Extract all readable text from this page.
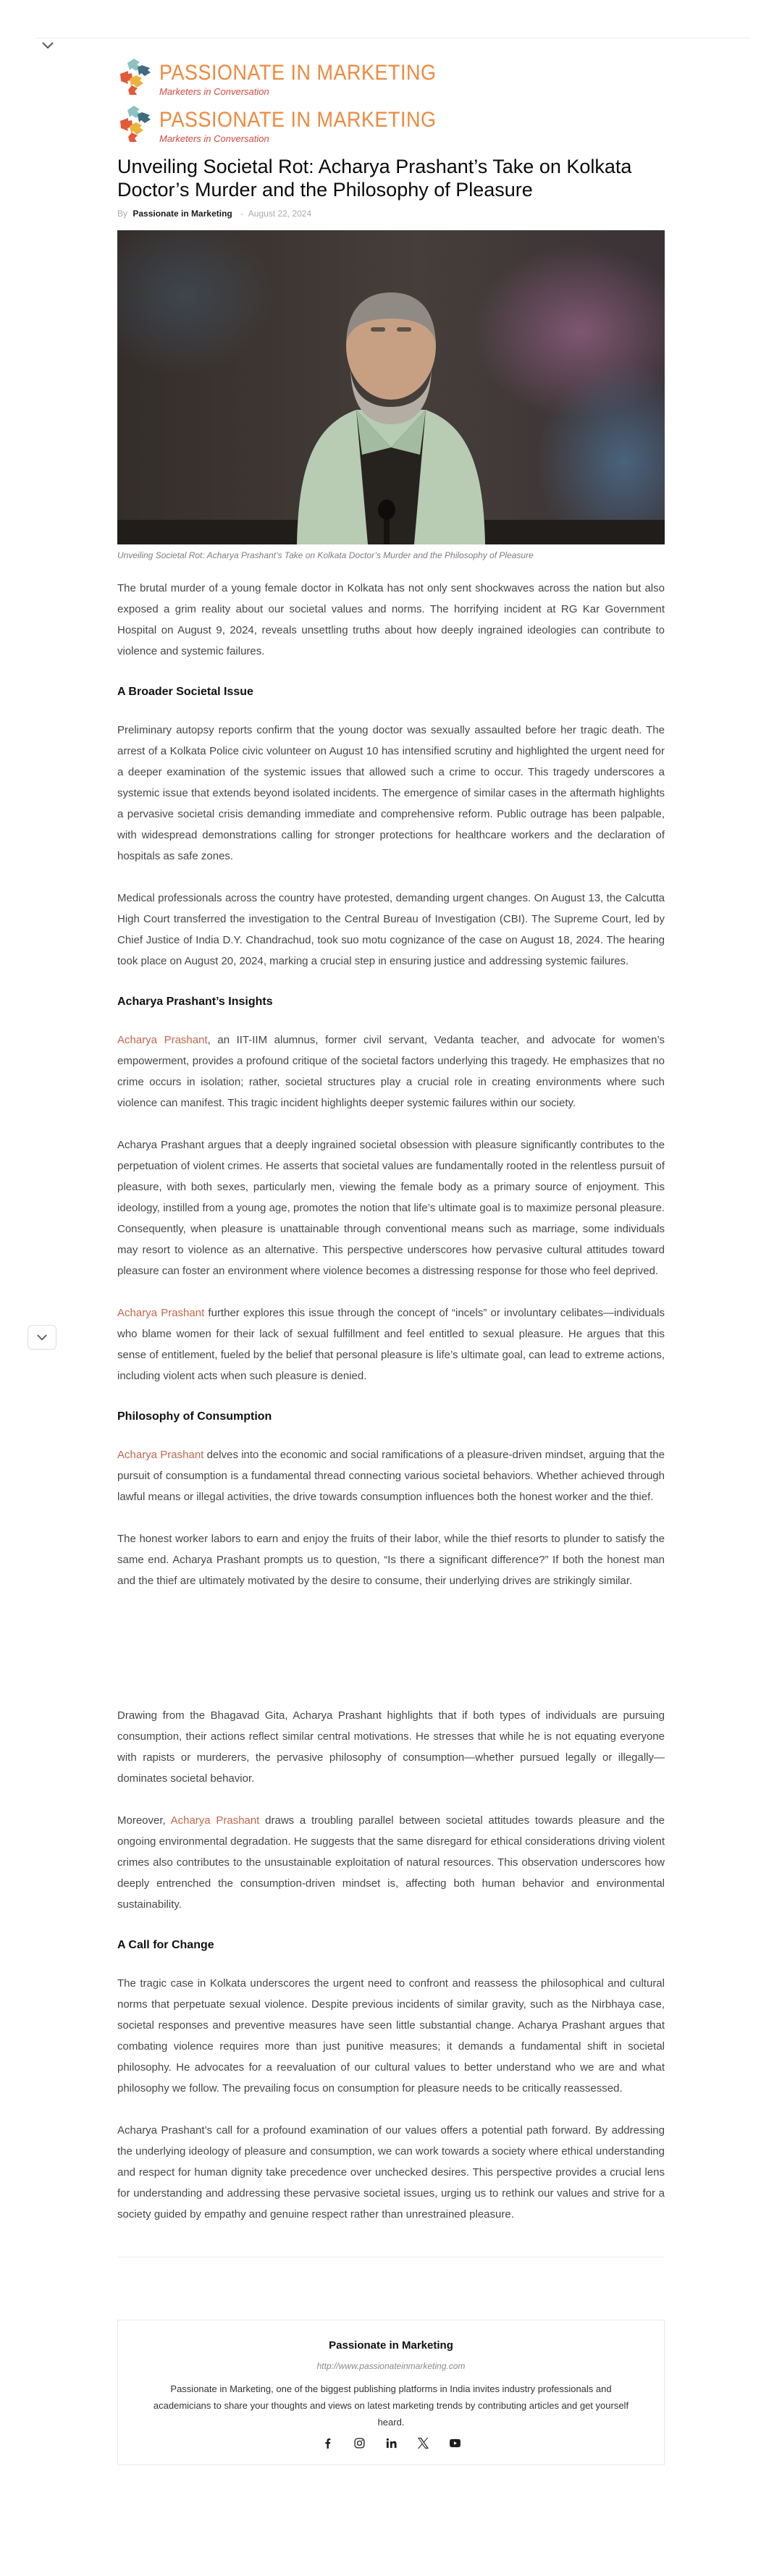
PASSIONATE IN MARKETING
Marketers in Conversation
PASSIONATE IN MARKETING
Marketers in Conversation
Unveiling Societal Rot: Acharya Prashant’s Take on Kolkata Doctor’s Murder and the Philosophy of Pleasure
By Passionate in Marketing - August 22, 2024
Unveiling Societal Rot: Acharya Prashant’s Take on Kolkata Doctor’s Murder and the Philosophy of Pleasure

The brutal murder of a young female doctor in Kolkata has not only sent shockwaves across the nation but also exposed a grim reality about our societal values and norms. The horrifying incident at RG Kar Government Hospital on August 9, 2024, reveals unsettling truths about how deeply ingrained ideologies can contribute to violence and systemic failures.

A Broader Societal Issue

Preliminary autopsy reports confirm that the young doctor was sexually assaulted before her tragic death. The arrest of a Kolkata Police civic volunteer on August 10 has intensified scrutiny and highlighted the urgent need for a deeper examination of the systemic issues that allowed such a crime to occur. This tragedy underscores a systemic issue that extends beyond isolated incidents. The emergence of similar cases in the aftermath highlights a pervasive societal crisis demanding immediate and comprehensive reform. Public outrage has been palpable, with widespread demonstrations calling for stronger protections for healthcare workers and the declaration of hospitals as safe zones.

Medical professionals across the country have protested, demanding urgent changes. On August 13, the Calcutta High Court transferred the investigation to the Central Bureau of Investigation (CBI). The Supreme Court, led by Chief Justice of India D.Y. Chandrachud, took suo motu cognizance of the case on August 18, 2024. The hearing took place on August 20, 2024, marking a crucial step in ensuring justice and addressing systemic failures.

Acharya Prashant’s Insights

Acharya Prashant, an IIT-IIM alumnus, former civil servant, Vedanta teacher, and advocate for women’s empowerment, provides a profound critique of the societal factors underlying this tragedy. He emphasizes that no crime occurs in isolation; rather, societal structures play a crucial role in creating environments where such violence can manifest. This tragic incident highlights deeper systemic failures within our society.

Acharya Prashant argues that a deeply ingrained societal obsession with pleasure significantly contributes to the perpetuation of violent crimes. He asserts that societal values are fundamentally rooted in the relentless pursuit of pleasure, with both sexes, particularly men, viewing the female body as a primary source of enjoyment. This ideology, instilled from a young age, promotes the notion that life’s ultimate goal is to maximize personal pleasure. Consequently, when pleasure is unattainable through conventional means such as marriage, some individuals may resort to violence as an alternative. This perspective underscores how pervasive cultural attitudes toward pleasure can foster an environment where violence becomes a distressing response for those who feel deprived.

Acharya Prashant further explores this issue through the concept of “incels” or involuntary celibates—individuals who blame women for their lack of sexual fulfillment and feel entitled to sexual pleasure. He argues that this sense of entitlement, fueled by the belief that personal pleasure is life’s ultimate goal, can lead to extreme actions, including violent acts when such pleasure is denied.

Philosophy of Consumption

Acharya Prashant delves into the economic and social ramifications of a pleasure-driven mindset, arguing that the pursuit of consumption is a fundamental thread connecting various societal behaviors. Whether achieved through lawful means or illegal activities, the drive towards consumption influences both the honest worker and the thief.

The honest worker labors to earn and enjoy the fruits of their labor, while the thief resorts to plunder to satisfy the same end. Acharya Prashant prompts us to question, “Is there a significant difference?” If both the honest man and the thief are ultimately motivated by the desire to consume, their underlying drives are strikingly similar.

Drawing from the Bhagavad Gita, Acharya Prashant highlights that if both types of individuals are pursuing consumption, their actions reflect similar central motivations. He stresses that while he is not equating everyone with rapists or murderers, the pervasive philosophy of consumption—whether pursued legally or illegally—dominates societal behavior.

Moreover, Acharya Prashant draws a troubling parallel between societal attitudes towards pleasure and the ongoing environmental degradation. He suggests that the same disregard for ethical considerations driving violent crimes also contributes to the unsustainable exploitation of natural resources. This observation underscores how deeply entrenched the consumption-driven mindset is, affecting both human behavior and environmental sustainability.

A Call for Change

The tragic case in Kolkata underscores the urgent need to confront and reassess the philosophical and cultural norms that perpetuate sexual violence. Despite previous incidents of similar gravity, such as the Nirbhaya case, societal responses and preventive measures have seen little substantial change. Acharya Prashant argues that combating violence requires more than just punitive measures; it demands a fundamental shift in societal philosophy. He advocates for a reevaluation of our cultural values to better understand who we are and what philosophy we follow. The prevailing focus on consumption for pleasure needs to be critically reassessed.

Acharya Prashant’s call for a profound examination of our values offers a potential path forward. By addressing the underlying ideology of pleasure and consumption, we can work towards a society where ethical understanding and respect for human dignity take precedence over unchecked desires. This perspective provides a crucial lens for understanding and addressing these pervasive societal issues, urging us to rethink our values and strive for a society guided by empathy and genuine respect rather than unrestrained pleasure.

Passionate in Marketing
http://www.passionateinmarketing.com
Passionate in Marketing, one of the biggest publishing platforms in India invites industry professionals and academicians to share your thoughts and views on latest marketing trends by contributing articles and get yourself heard.
